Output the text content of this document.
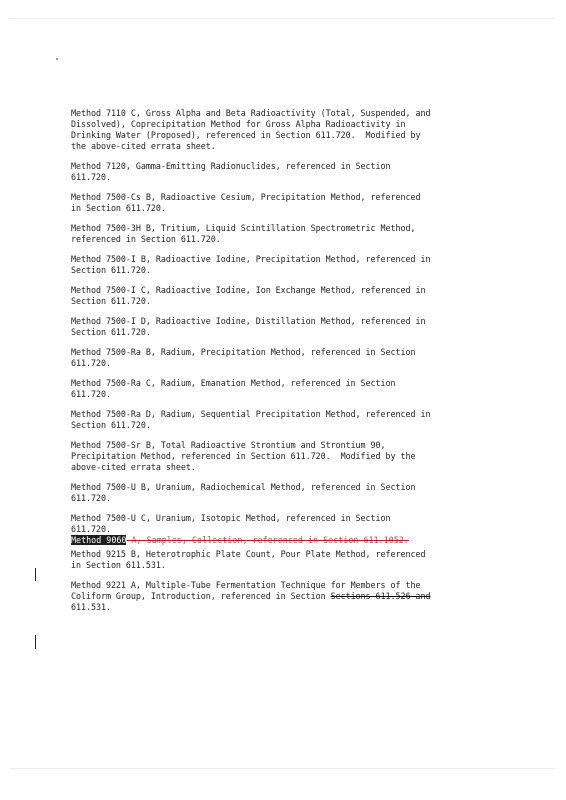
Method 7110 C, Gross Alpha and Beta Radioactivity (Total, Suspended, and
Dissolved), Coprecipitation Method for Gross Alpha Radioactivity in
Drinking Water (Proposed), referenced in Section 611.720.  Modified by
the above-cited errata sheet.
Method 7120, Gamma-Emitting Radionuclides, referenced in Section
611.720.
Method 7500-Cs B, Radioactive Cesium, Precipitation Method, referenced
in Section 611.720.
Method 7500-3H B, Tritium, Liquid Scintillation Spectrometric Method,
referenced in Section 611.720.
Method 7500-I B, Radioactive Iodine, Precipitation Method, referenced in
Section 611.720.
Method 7500-I C, Radioactive Iodine, Ion Exchange Method, referenced in
Section 611.720.
Method 7500-I D, Radioactive Iodine, Distillation Method, referenced in
Section 611.720.
Method 7500-Ra B, Radium, Precipitation Method, referenced in Section
611.720.
Method 7500-Ra C, Radium, Emanation Method, referenced in Section
611.720.
Method 7500-Ra D, Radium, Sequential Precipitation Method, referenced in
Section 611.720.
Method 7500-Sr B, Total Radioactive Strontium and Strontium 90,
Precipitation Method, referenced in Section 611.720.  Modified by the
above-cited errata sheet.
Method 7500-U B, Uranium, Radiochemical Method, referenced in Section
611.720.
Method 7500-U C, Uranium, Isotopic Method, referenced in Section
611.720.
Method 9060 A, Samples, Collection, referenced in Section 611.1052.
Method 9215 B, Heterotrophic Plate Count, Pour Plate Method, referenced
in Section 611.531.
Method 9221 A, Multiple-Tube Fermentation Technique for Members of the
Coliform Group, Introduction, referenced in Section Sections 611.526 and
611.531.
